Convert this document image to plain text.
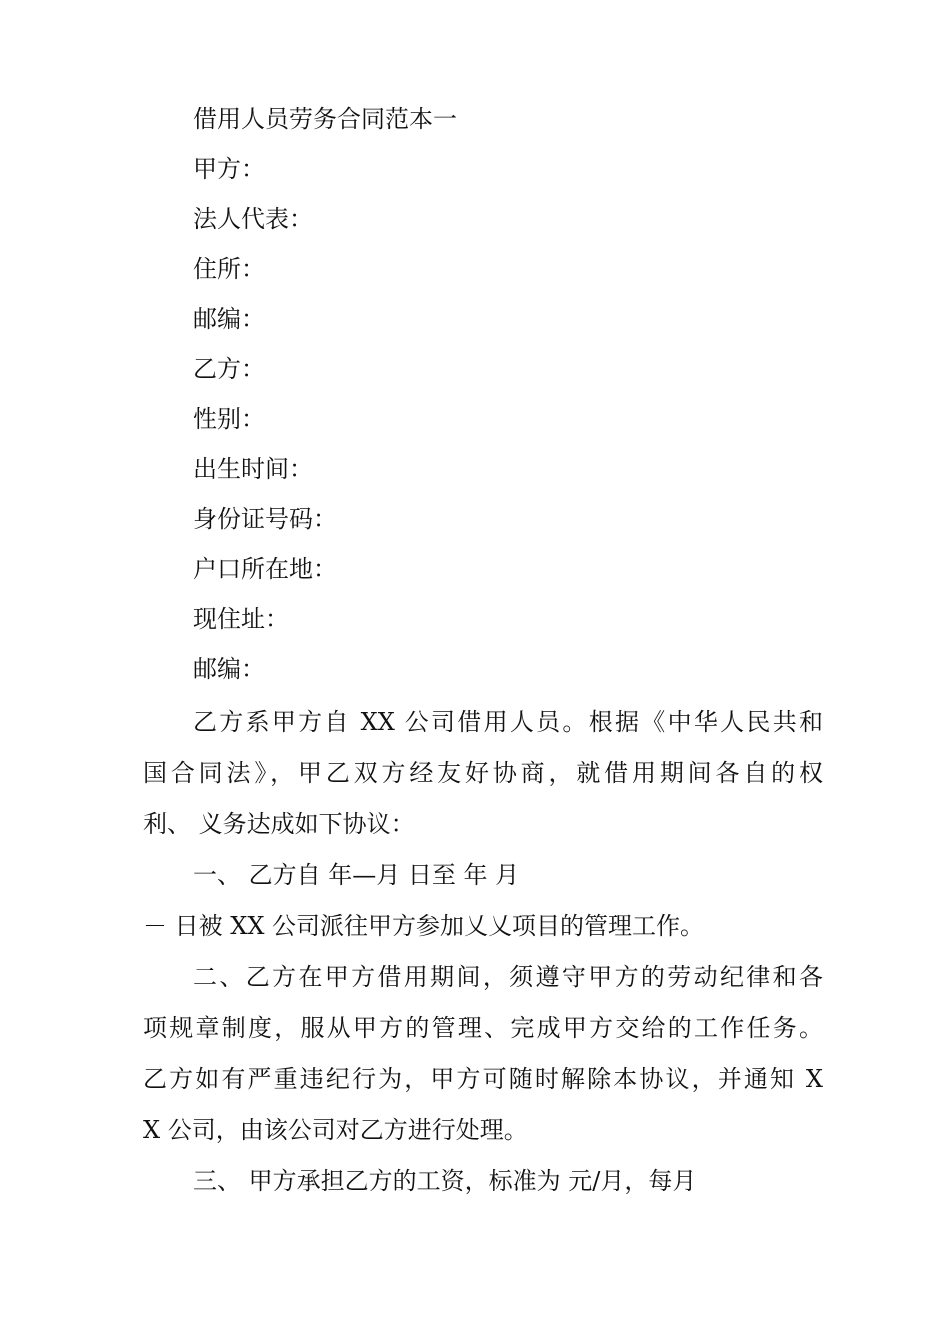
借用人员劳务合同范本一
甲方：
法人代表：
住所：
邮编：
乙方：
性别：
出生时间：
身份证号码：
户口所在地：
现住址：
邮编：
乙方系甲方自 XX 公司借用人员。根据《中华人民共和
国合同法》，甲乙双方经友好协商，就借用期间各自的权
利、 义务达成如下协议：
一、 乙方自 年—月 日至 年 月
－ 日被 XX 公司派往甲方参加乂乂项目的管理工作。
二、乙方在甲方借用期间，须遵守甲方的劳动纪律和各
项规章制度，服从甲方的管理、完成甲方交给的工作任务。
乙方如有严重违纪行为，甲方可随时解除本协议，并通知 X
X 公司，由该公司对乙方进行处理。
三、 甲方承担乙方的工资，标准为 元/月，每月
